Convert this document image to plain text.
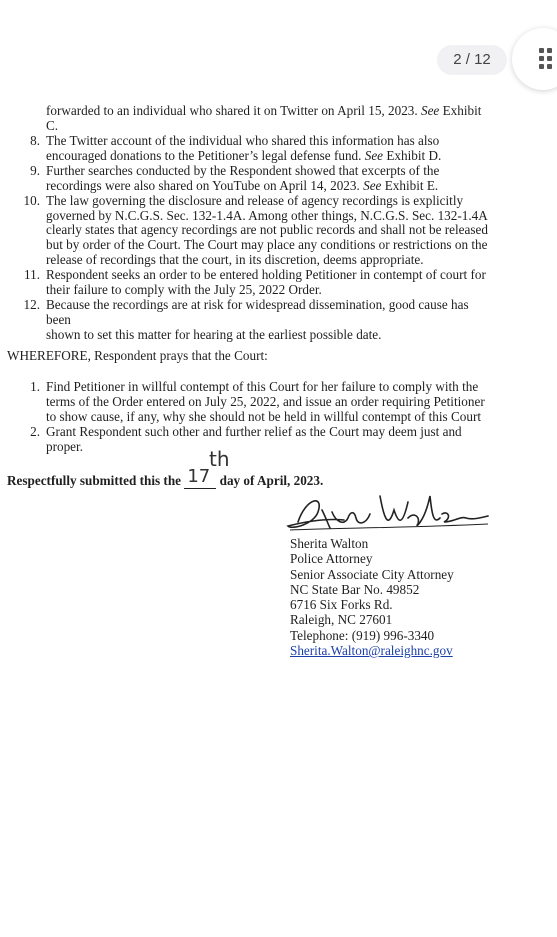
2 / 12
forwarded to an individual who shared it on Twitter on April 15, 2023. See Exhibit
C.
8. The Twitter account of the individual who shared this information has also
encouraged donations to the Petitioner’s legal defense fund. See Exhibit D.
9. Further searches conducted by the Respondent showed that excerpts of the
recordings were also shared on YouTube on April 14, 2023. See Exhibit E.
10. The law governing the disclosure and release of agency recordings is explicitly
governed by N.C.G.S. Sec. 132-1.4A. Among other things, N.C.G.S. Sec. 132-1.4A
clearly states that agency recordings are not public records and shall not be released
but by order of the Court. The Court may place any conditions or restrictions on the
release of recordings that the court, in its discretion, deems appropriate.
11. Respondent seeks an order to be entered holding Petitioner in contempt of court for
their failure to comply with the July 25, 2022 Order.
12. Because the recordings are at risk for widespread dissemination, good cause has been
shown to set this matter for hearing at the earliest possible date.
WHEREFORE, Respondent prays that the Court:
1. Find Petitioner in willful contempt of this Court for her failure to comply with the
terms of the Order entered on July 25, 2022, and issue an order requiring Petitioner
to show cause, if any, why she should not be held in willful contempt of this Court
2. Grant Respondent such other and further relief as the Court may deem just and
proper.
th
Respectfully submitted this the 17 day of April, 2023.
Sherita Walton
Police Attorney
Senior Associate City Attorney
NC State Bar No. 49852
6716 Six Forks Rd.
Raleigh, NC 27601
Telephone: (919) 996-3340
Sherita.Walton@raleighnc.gov
